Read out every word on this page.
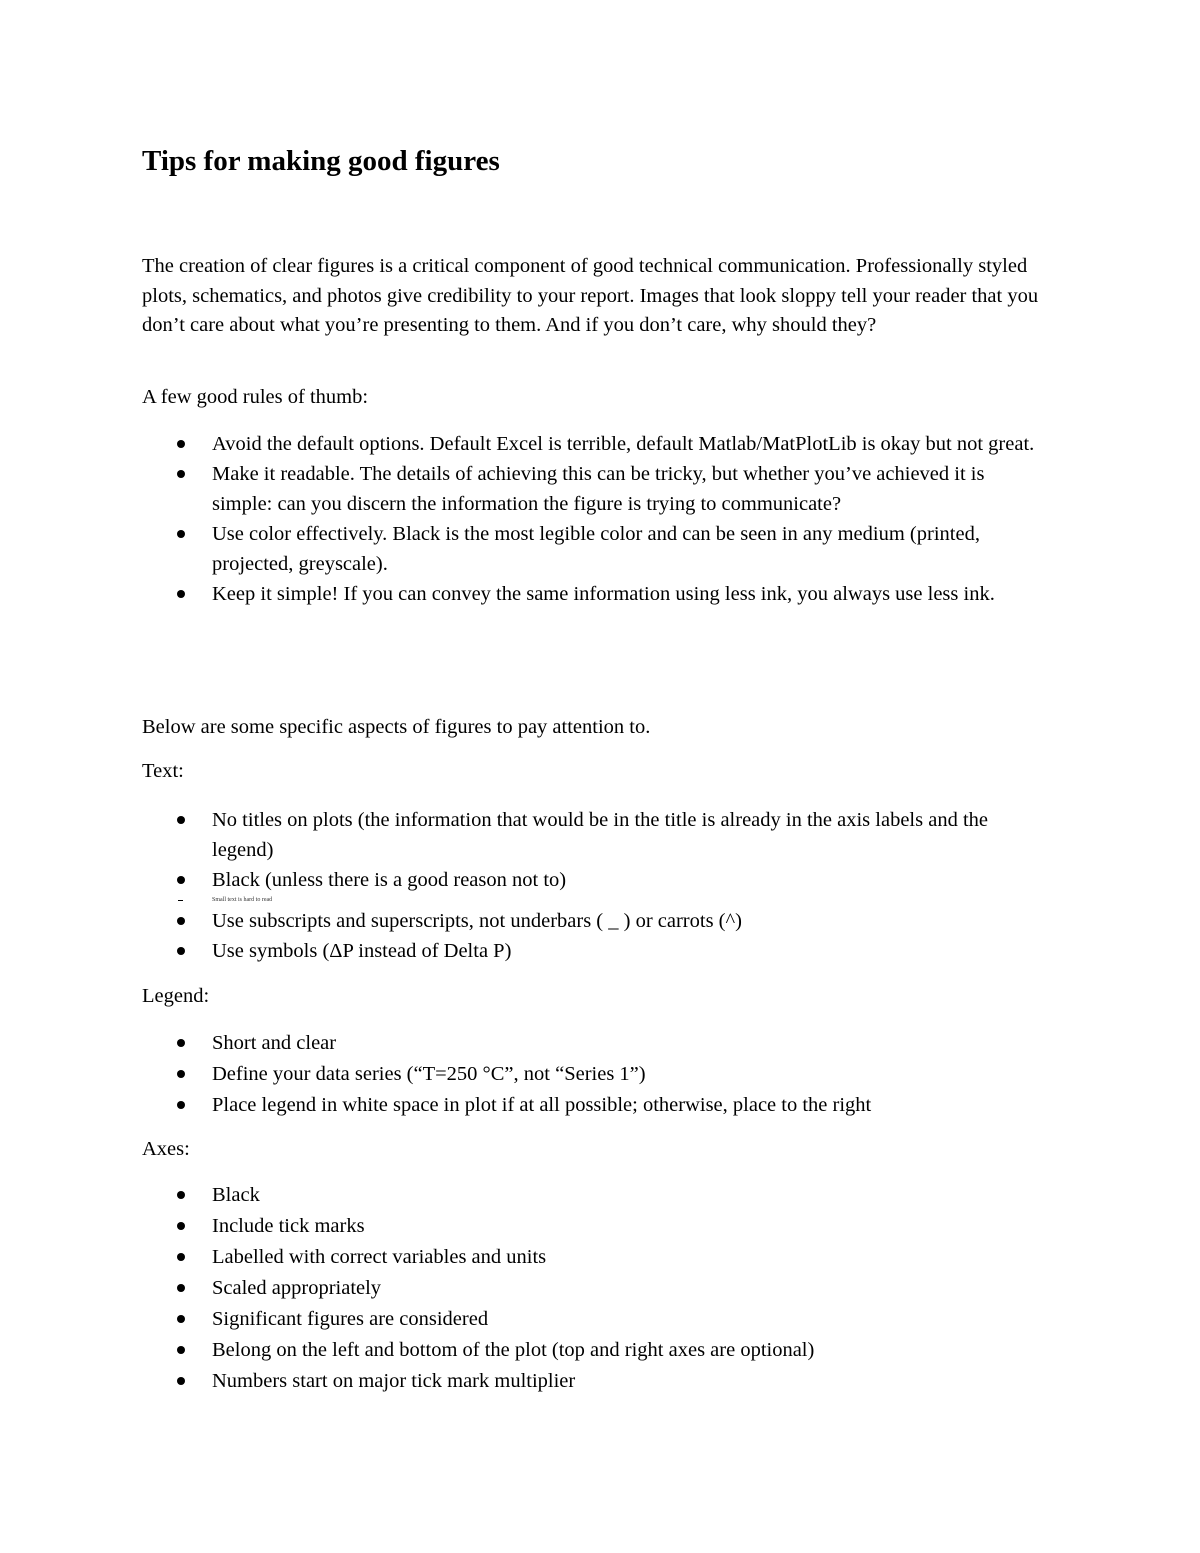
Tips for making good figures

The creation of clear figures is a critical component of good technical communication. Professionally styled plots, schematics, and photos give credibility to your report. Images that look sloppy tell your reader that you don’t care about what you’re presenting to them. And if you don’t care, why should they?

A few good rules of thumb:

Avoid the default options. Default Excel is terrible, default Matlab/MatPlotLib is okay but not great.
Make it readable. The details of achieving this can be tricky, but whether you’ve achieved it is simple: can you discern the information the figure is trying to communicate?
Use color effectively. Black is the most legible color and can be seen in any medium (printed, projected, greyscale).
Keep it simple! If you can convey the same information using less ink, you always use less ink.

Below are some specific aspects of figures to pay attention to.

Text:

No titles on plots (the information that would be in the title is already in the axis labels and the legend)
Black (unless there is a good reason not to)
Small text is hard to read
Use subscripts and superscripts, not underbars ( _ ) or carrots (^)
Use symbols (ΔP instead of Delta P)

Legend:

Short and clear
Define your data series (“T=250 °C”, not “Series 1”)
Place legend in white space in plot if at all possible; otherwise, place to the right

Axes:

Black
Include tick marks
Labelled with correct variables and units
Scaled appropriately
Significant figures are considered
Belong on the left and bottom of the plot (top and right axes are optional)
Numbers start on major tick mark multiplier
